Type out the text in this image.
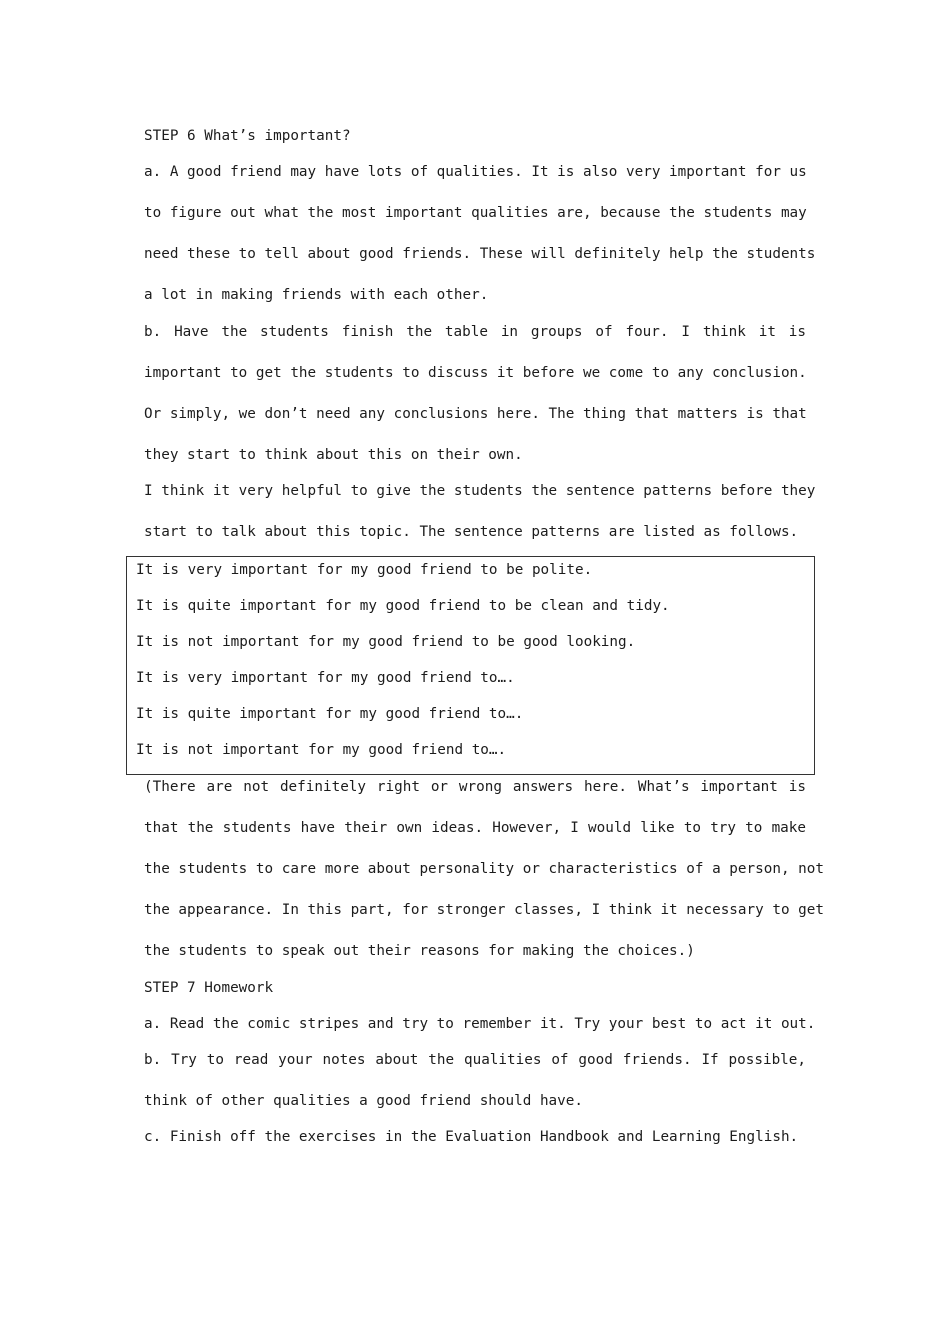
STEP 6 What’s important?
a. A good friend may have lots of qualities. It is also very important for us
to figure out what the most important qualities are, because the students may
need these to tell about good friends. These will definitely help the students
a lot in making friends with each other.
b. Have the students finish the table in groups of four. I think it is
important to get the students to discuss it before we come to any conclusion.
Or simply, we don’t need any conclusions here. The thing that matters is that
they start to think about this on their own.
I think it very helpful to give the students the sentence patterns before they
start to talk about this topic. The sentence patterns are listed as follows.
It is very important for my good friend to be polite.
It is quite important for my good friend to be clean and tidy.
It is not important for my good friend to be good looking.
It is very important for my good friend to….
It is quite important for my good friend to….
It is not important for my good friend to….
(There are not definitely right or wrong answers here. What’s important is
that the students have their own ideas. However, I would like to try to make
the students to care more about personality or characteristics of a person, not
the appearance. In this part, for stronger classes, I think it necessary to get
the students to speak out their reasons for making the choices.)
STEP 7 Homework
a. Read the comic stripes and try to remember it. Try your best to act it out.
b. Try to read your notes about the qualities of good friends. If possible,
think of other qualities a good friend should have.
c. Finish off the exercises in the Evaluation Handbook and Learning English.
